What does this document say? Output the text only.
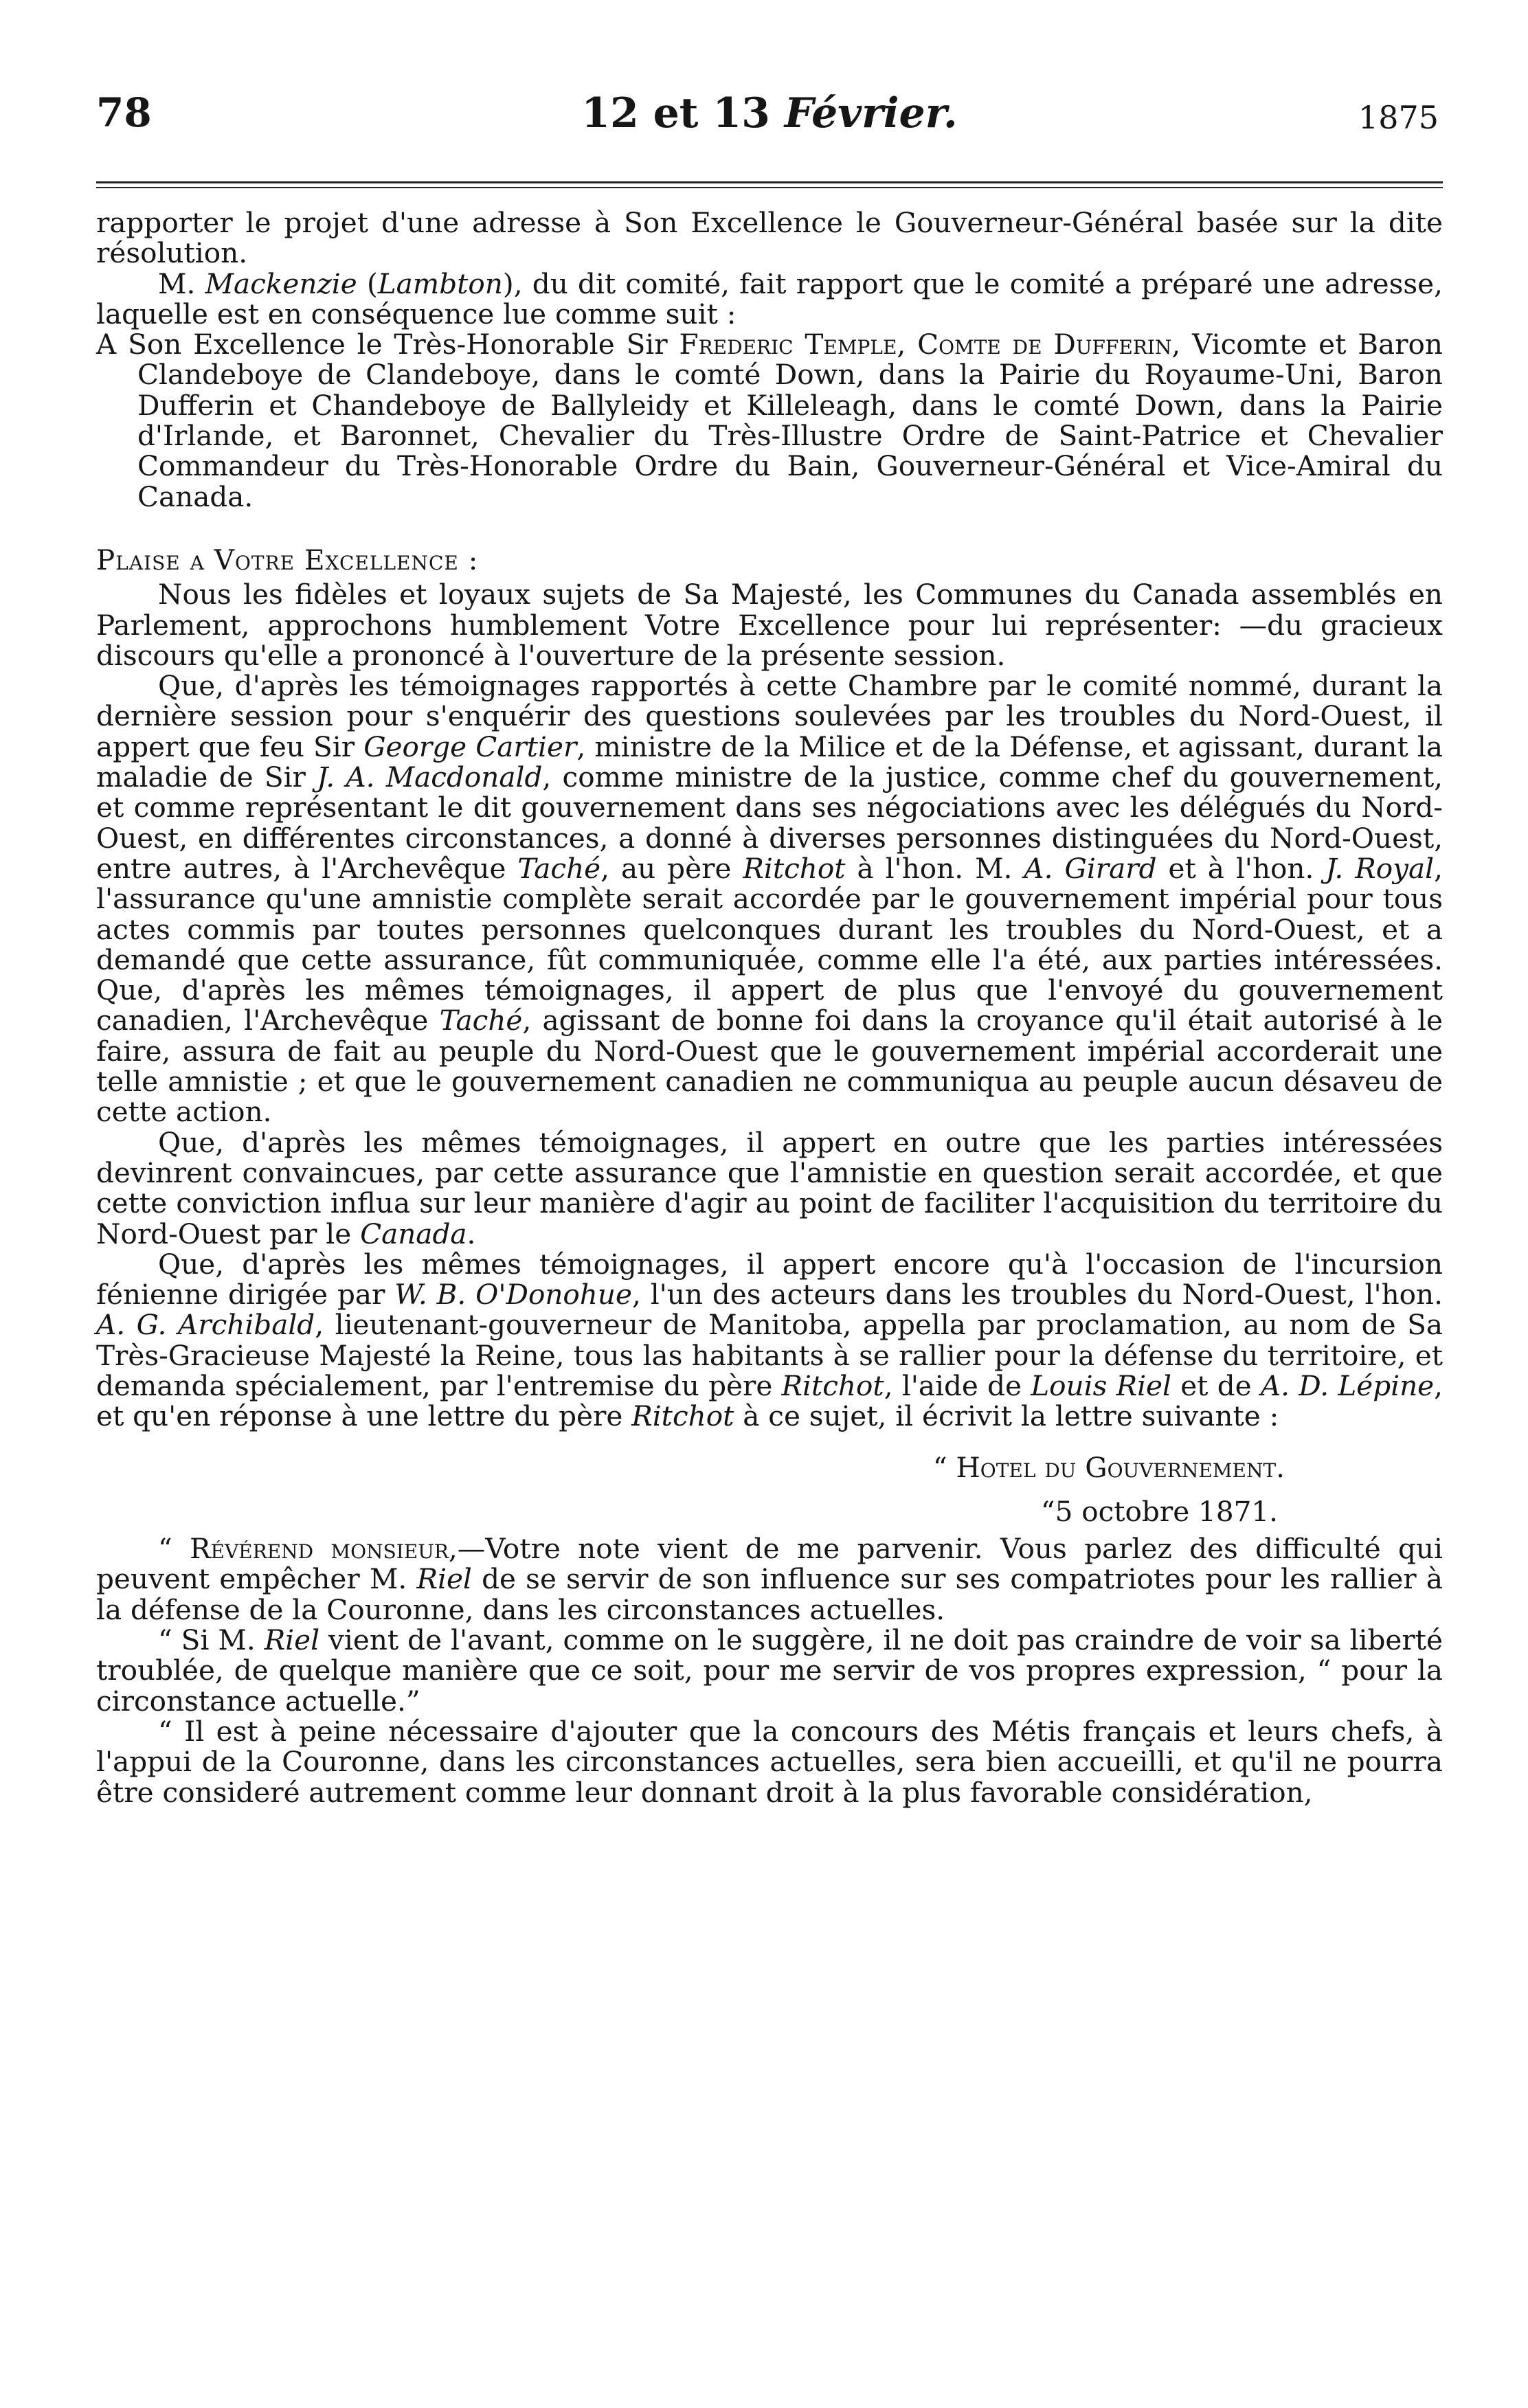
78	12 et 13 Février.	1875

rapporter le projet d'une adresse à Son Excellence le Gouverneur-Général basée sur la dite résolution.

M. Mackenzie (Lambton), du dit comité, fait rapport que le comité a préparé une adresse, laquelle est en conséquence lue comme suit :

A Son Excellence le Très-Honorable Sir Frederic Temple, Comte de Dufferin, Vicomte et Baron Clandeboye de Clandeboye, dans le comté Down, dans la Pairie du Royaume-Uni, Baron Dufferin et Chandeboye de Ballyleidy et Killeleagh, dans le comté Down, dans la Pairie d'Irlande, et Baronnet, Chevalier du Très-Illustre Ordre de Saint-Patrice et Chevalier Commandeur du Très-Honorable Ordre du Bain, Gouverneur-Général et Vice-Amiral du Canada.

Plaise a Votre Excellence :

Nous les fidèles et loyaux sujets de Sa Majesté, les Communes du Canada assemblés en Parlement, approchons humblement Votre Excellence pour lui représenter: —du gracieux discours qu'elle a prononcé à l'ouverture de la présente session.

Que, d'après les témoignages rapportés à cette Chambre par le comité nommé, durant la dernière session pour s'enquérir des questions soulevées par les troubles du Nord-Ouest, il appert que feu Sir George Cartier, ministre de la Milice et de la Défense, et agissant, durant la maladie de Sir J. A. Macdonald, comme ministre de la justice, comme chef du gouvernement, et comme représentant le dit gouvernement dans ses négociations avec les délégués du Nord-Ouest, en différentes circonstances, a donné à diverses personnes distinguées du Nord-Ouest, entre autres, à l'Archevêque Taché, au père Ritchot à l'hon. M. A. Girard et à l'hon. J. Royal, l'assurance qu'une amnistie complète serait accordée par le gouvernement impérial pour tous actes commis par toutes personnes quelconques durant les troubles du Nord-Ouest, et a demandé que cette assurance, fût communiquée, comme elle l'a été, aux parties intéressées. Que, d'après les mêmes témoignages, il appert de plus que l'envoyé du gouvernement canadien, l'Archevêque Taché, agissant de bonne foi dans la croyance qu'il était autorisé à le faire, assura de fait au peuple du Nord-Ouest que le gouvernement impérial accorderait une telle amnistie ; et que le gouvernement canadien ne communiqua au peuple aucun désaveu de cette action.

Que, d'après les mêmes témoignages, il appert en outre que les parties intéressées devinrent convaincues, par cette assurance que l'amnistie en question serait accordée, et que cette conviction influa sur leur manière d'agir au point de faciliter l'acquisition du territoire du Nord-Ouest par le Canada.

Que, d'après les mêmes témoignages, il appert encore qu'à l'occasion de l'incursion fénienne dirigée par W. B. O'Donohue, l'un des acteurs dans les troubles du Nord-Ouest, l'hon. A. G. Archibald, lieutenant-gouverneur de Manitoba, appella par proclamation, au nom de Sa Très-Gracieuse Majesté la Reine, tous las habitants à se rallier pour la défense du territoire, et demanda spécialement, par l'entremise du père Ritchot, l'aide de Louis Riel et de A. D. Lépine, et qu'en réponse à une lettre du père Ritchot à ce sujet, il écrivit la lettre suivante :

“ Hotel du Gouvernement.

“5 octobre 1871.

“ Révérend monsieur,—Votre note vient de me parvenir. Vous parlez des difficulté qui peuvent empêcher M. Riel de se servir de son influence sur ses compatriotes pour les rallier à la défense de la Couronne, dans les circonstances actuelles.

“ Si M. Riel vient de l'avant, comme on le suggère, il ne doit pas craindre de voir sa liberté troublée, de quelque manière que ce soit, pour me servir de vos propres expression, “ pour la circonstance actuelle.”

“ Il est à peine nécessaire d'ajouter que la concours des Métis français et leurs chefs, à l'appui de la Couronne, dans les circonstances actuelles, sera bien accueilli, et qu'il ne pourra être consideré autrement comme leur donnant droit à la plus favorable considération,
